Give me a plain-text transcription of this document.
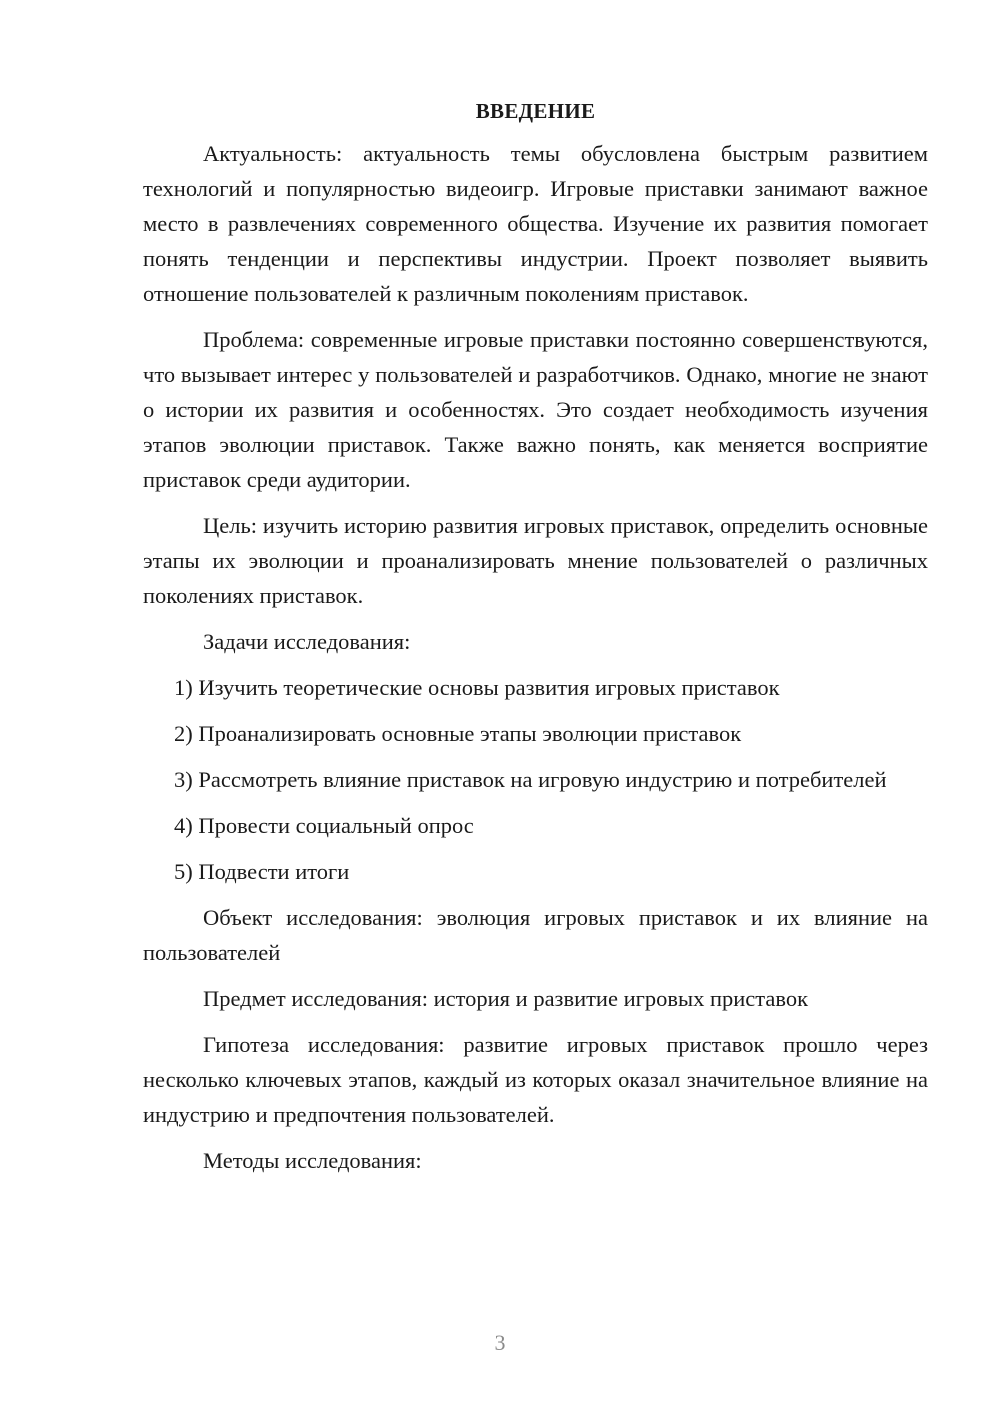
ВВЕДЕНИЕ

Актуальность: актуальность темы обусловлена быстрым развитием технологий и популярностью видеоигр. Игровые приставки занимают важное место в развлечениях современного общества. Изучение их развития помогает понять тенденции и перспективы индустрии. Проект позволяет выявить отношение пользователей к различным поколениям приставок.

Проблема: современные игровые приставки постоянно совершенствуются, что вызывает интерес у пользователей и разработчиков. Однако, многие не знают о истории их развития и особенностях. Это создает необходимость изучения этапов эволюции приставок. Также важно понять, как меняется восприятие приставок среди аудитории.

Цель: изучить историю развития игровых приставок, определить основные этапы их эволюции и проанализировать мнение пользователей о различных поколениях приставок.

Задачи исследования:

1) Изучить теоретические основы развития игровых приставок

2) Проанализировать основные этапы эволюции приставок

3) Рассмотреть влияние приставок на игровую индустрию и потребителей

4) Провести социальный опрос

5) Подвести итоги

Объект исследования: эволюция игровых приставок и их влияние на пользователей

Предмет исследования: история и развитие игровых приставок

Гипотеза исследования: развитие игровых приставок прошло через несколько ключевых этапов, каждый из которых оказал значительное влияние на индустрию и предпочтения пользователей.

Методы исследования:

3
